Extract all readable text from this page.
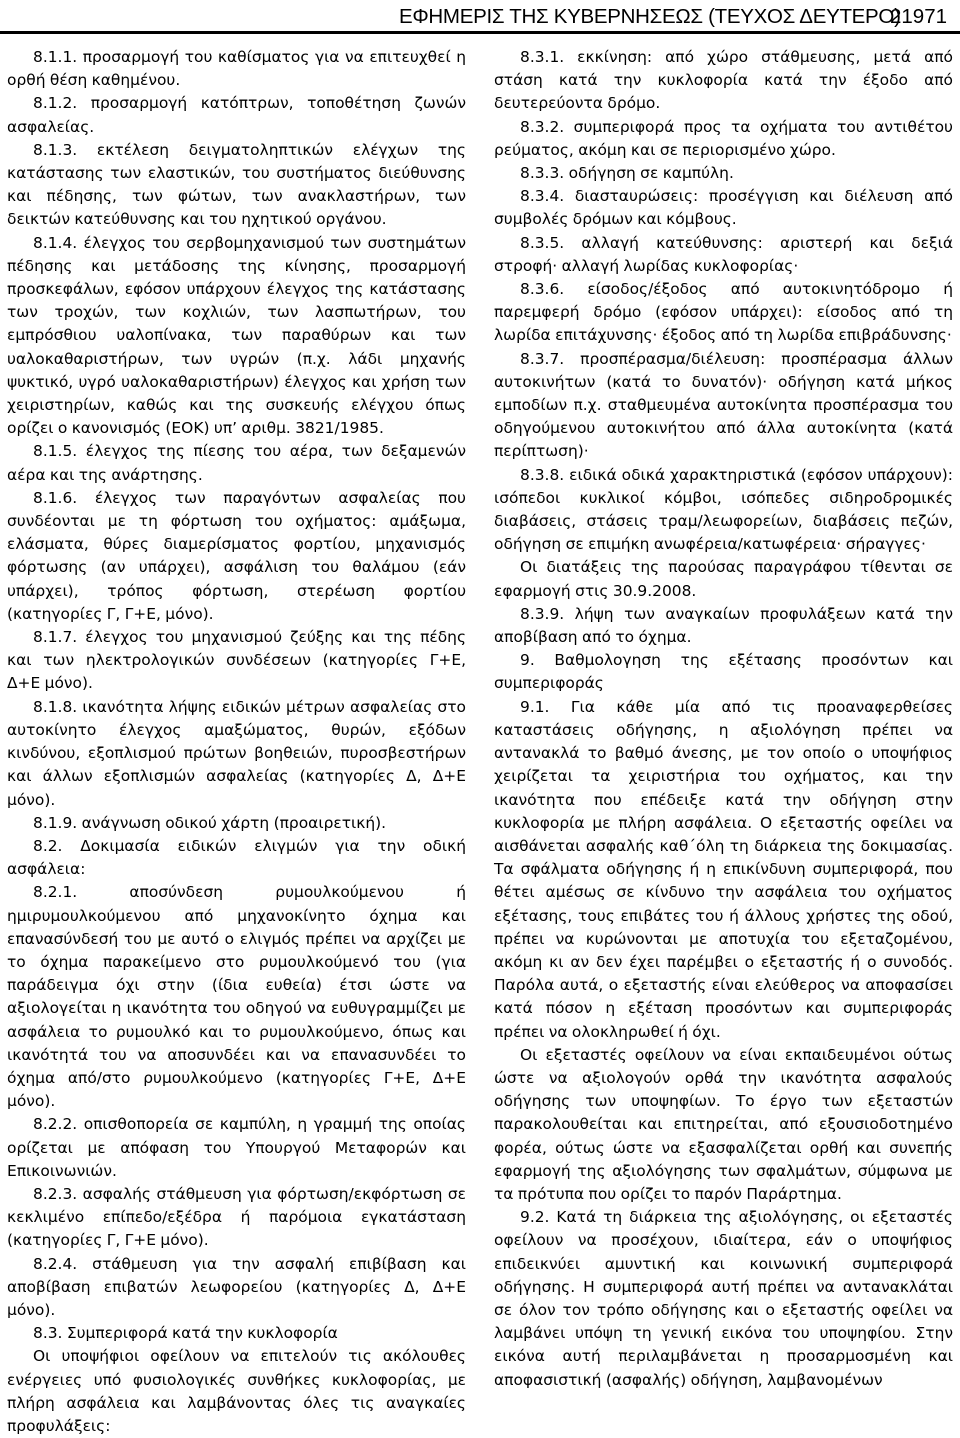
ΕΦΗΜΕΡΙΣ ΤΗΣ ΚΥΒΕΡΝΗΣΕΩΣ (ΤΕΥΧΟΣ ΔΕΥΤΕΡΟ)
21971

8.1.1. προσαρμογή του καθίσματος για να επιτευχθεί η ορθή θέση καθημένου.

8.1.2. προσαρμογή κατόπτρων, τοποθέτηση ζωνών ασφαλείας.

8.1.3. εκτέλεση δειγματοληπτικών ελέγχων της κατάστασης των ελαστικών, του συστήματος διεύθυνσης και πέδησης, των φώτων, των ανακλαστήρων, των δεικτών κατεύθυνσης και του ηχητικού οργάνου.

8.1.4. έλεγχος του σερβομηχανισμού των συστημάτων πέδησης και μετάδοσης της κίνησης, προσαρμογή προσκεφάλων, εφόσον υπάρχουν έλεγχος της κατάστασης των τροχών, των κοχλιών, των λασπωτήρων, του εμπρόσθιου υαλοπίνακα, των παραθύρων και των υαλοκαθαριστήρων, των υγρών (π.χ. λάδι μηχανής ψυκτικό, υγρό υαλοκαθαριστήρων) έλεγχος και χρήση των χειριστηρίων, καθώς και της συσκευής ελέγχου όπως ορίζει ο κανονισμός (ΕΟΚ) υπ’ αριθμ. 3821/1985.

8.1.5. έλεγχος της πίεσης του αέρα, των δεξαμενών αέρα και της ανάρτησης.

8.1.6. έλεγχος των παραγόντων ασφαλείας που συνδέονται με τη φόρτωση του οχήματος: αμάξωμα, ελάσματα, θύρες διαμερίσματος φορτίου, μηχανισμός φόρτωσης (αν υπάρχει), ασφάλιση του θαλάμου (εάν υπάρχει), τρόπος φόρτωση, στερέωση φορτίου (κατηγορίες Γ, Γ+Ε, μόνο).

8.1.7. έλεγχος του μηχανισμού ζεύξης και της πέδης και των ηλεκτρολογικών συνδέσεων (κατηγορίες Γ+Ε, Δ+Ε μόνο).

8.1.8. ικανότητα λήψης ειδικών μέτρων ασφαλείας στο αυτοκίνητο έλεγχος αμαξώματος, θυρών, εξόδων κινδύνου, εξοπλισμού πρώτων βοηθειών, πυροσβεστήρων και άλλων εξοπλισμών ασφαλείας (κατηγορίες Δ, Δ+Ε μόνο).

8.1.9. ανάγνωση οδικού χάρτη (προαιρετική).

8.2. Δοκιμασία ειδικών ελιγμών για την οδική ασφάλεια:

8.2.1. αποσύνδεση ρυμουλκούμενου ή ημιρυμουλκούμενου από μηχανοκίνητο όχημα και επανασύνδεσή του με αυτό ο ελιγμός πρέπει να αρχίζει με το όχημα παρακείμενο στο ρυμουλκούμενό του (για παράδειγμα όχι στην (ίδια ευθεία) έτσι ώστε να αξιολογείται η ικανότητα του οδηγού να ευθυγραμμίζει με ασφάλεια το ρυμουλκό και το ρυμουλκούμενο, όπως και ικανότητά του να αποσυνδέει και να επανασυνδέει το όχημα από/στο ρυμουλκούμενο (κατηγορίες Γ+Ε, Δ+Ε μόνο).

8.2.2. οπισθοπορεία σε καμπύλη, η γραμμή της οποίας ορίζεται με απόφαση του Υπουργού Μεταφορών και Επικοινωνιών.

8.2.3. ασφαλής στάθμευση για φόρτωση/εκφόρτωση σε κεκλιμένο επίπεδο/εξέδρα ή παρόμοια εγκατάσταση (κατηγορίες Γ, Γ+Ε μόνο).

8.2.4. στάθμευση για την ασφαλή επιβίβαση και αποβίβαση επιβατών λεωφορείου (κατηγορίες Δ, Δ+Ε μόνο).

8.3. Συμπεριφορά κατά την κυκλοφορία

Οι υποψήφιοι οφείλουν να επιτελούν τις ακόλουθες ενέργειες υπό φυσιολογικές συνθήκες κυκλοφορίας, με πλήρη ασφάλεια και λαμβάνοντας όλες τις αναγκαίες προφυλάξεις:

8.3.1. εκκίνηση: από χώρο στάθμευσης, μετά από στάση κατά την κυκλοφορία κατά την έξοδο από δευτερεύοντα δρόμο.

8.3.2. συμπεριφορά προς τα οχήματα του αντιθέτου ρεύματος, ακόμη και σε περιορισμένο χώρο.

8.3.3. οδήγηση σε καμπύλη.

8.3.4. διασταυρώσεις: προσέγγιση και διέλευση από συμβολές δρόμων και κόμβους.

8.3.5. αλλαγή κατεύθυνσης: αριστερή και δεξιά στροφή· αλλαγή λωρίδας κυκλοφορίας·

8.3.6. είσοδος/έξοδος από αυτοκινητόδρομο ή παρεμφερή δρόμο (εφόσον υπάρχει): είσοδος από τη λωρίδα επιτάχυνσης· έξοδος από τη λωρίδα επιβράδυνσης·

8.3.7. προσπέρασμα/διέλευση: προσπέρασμα άλλων αυτοκινήτων (κατά το δυνατόν)· οδήγηση κατά μήκος εμποδίων π.χ. σταθμευμένα αυτοκίνητα προσπέρασμα του οδηγούμενου αυτοκινήτου από άλλα αυτοκίνητα (κατά περίπτωση)·

8.3.8. ειδικά οδικά χαρακτηριστικά (εφόσον υπάρχουν): ισόπεδοι κυκλικοί κόμβοι, ισόπεδες σιδηροδρομικές διαβάσεις, στάσεις τραμ/λεωφορείων, διαβάσεις πεζών, οδήγηση σε επιμήκη ανωφέρεια/κατωφέρεια· σήραγγες·

Οι διατάξεις της παρούσας παραγράφου τίθενται σε εφαρμογή στις 30.9.2008.

8.3.9. λήψη των αναγκαίων προφυλάξεων κατά την αποβίβαση από το όχημα.

9. Βαθμολογηση της εξέτασης προσόντων και συμπεριφοράς

9.1. Για κάθε μία από τις προαναφερθείσες καταστάσεις οδήγησης, η αξιολόγηση πρέπει να αντανακλά το βαθμό άνεσης, με τον οποίο ο υποψήφιος χειρίζεται τα χειριστήρια του οχήματος, και την ικανότητα που επέδειξε κατά την οδήγηση στην κυκλοφορία με πλήρη ασφάλεια. Ο εξεταστής οφείλει να αισθάνεται ασφαλής καθ΄όλη τη διάρκεια της δοκιμασίας. Τα σφάλματα οδήγησης ή η επικίνδυνη συμπεριφορά, που θέτει αμέσως σε κίνδυνο την ασφάλεια του οχήματος εξέτασης, τους επιβάτες του ή άλλους χρήστες της οδού, πρέπει να κυρώνονται με αποτυχία του εξεταζομένου, ακόμη κι αν δεν έχει παρέμβει ο εξεταστής ή ο συνοδός. Παρόλα αυτά, ο εξεταστής είναι ελεύθερος να αποφασίσει κατά πόσον η εξέταση προσόντων και συμπεριφοράς πρέπει να ολοκληρωθεί ή όχι.

Οι εξεταστές οφείλουν να είναι εκπαιδευμένοι ούτως ώστε να αξιολογούν ορθά την ικανότητα ασφαλούς οδήγησης των υποψηφίων. Το έργο των εξεταστών παρακολουθείται και επιτηρείται, από εξουσιοδοτημένο φορέα, ούτως ώστε να εξασφαλίζεται ορθή και συνεπής εφαρμογή της αξιολόγησης των σφαλμάτων, σύμφωνα με τα πρότυπα που ορίζει το παρόν Παράρτημα.

9.2. Κατά τη διάρκεια της αξιολόγησης, οι εξεταστές οφείλουν να προσέχουν, ιδιαίτερα, εάν ο υποψήφιος επιδεικνύει αμυντική και κοινωνική συμπεριφορά οδήγησης. Η συμπεριφορά αυτή πρέπει να αντανακλάται σε όλον τον τρόπο οδήγησης και ο εξεταστής οφείλει να λαμβάνει υπόψη τη γενική εικόνα του υποψηφίου. Στην εικόνα αυτή περιλαμβάνεται η προσαρμοσμένη και αποφασιστική (ασφαλής) οδήγηση, λαμβανομένων
